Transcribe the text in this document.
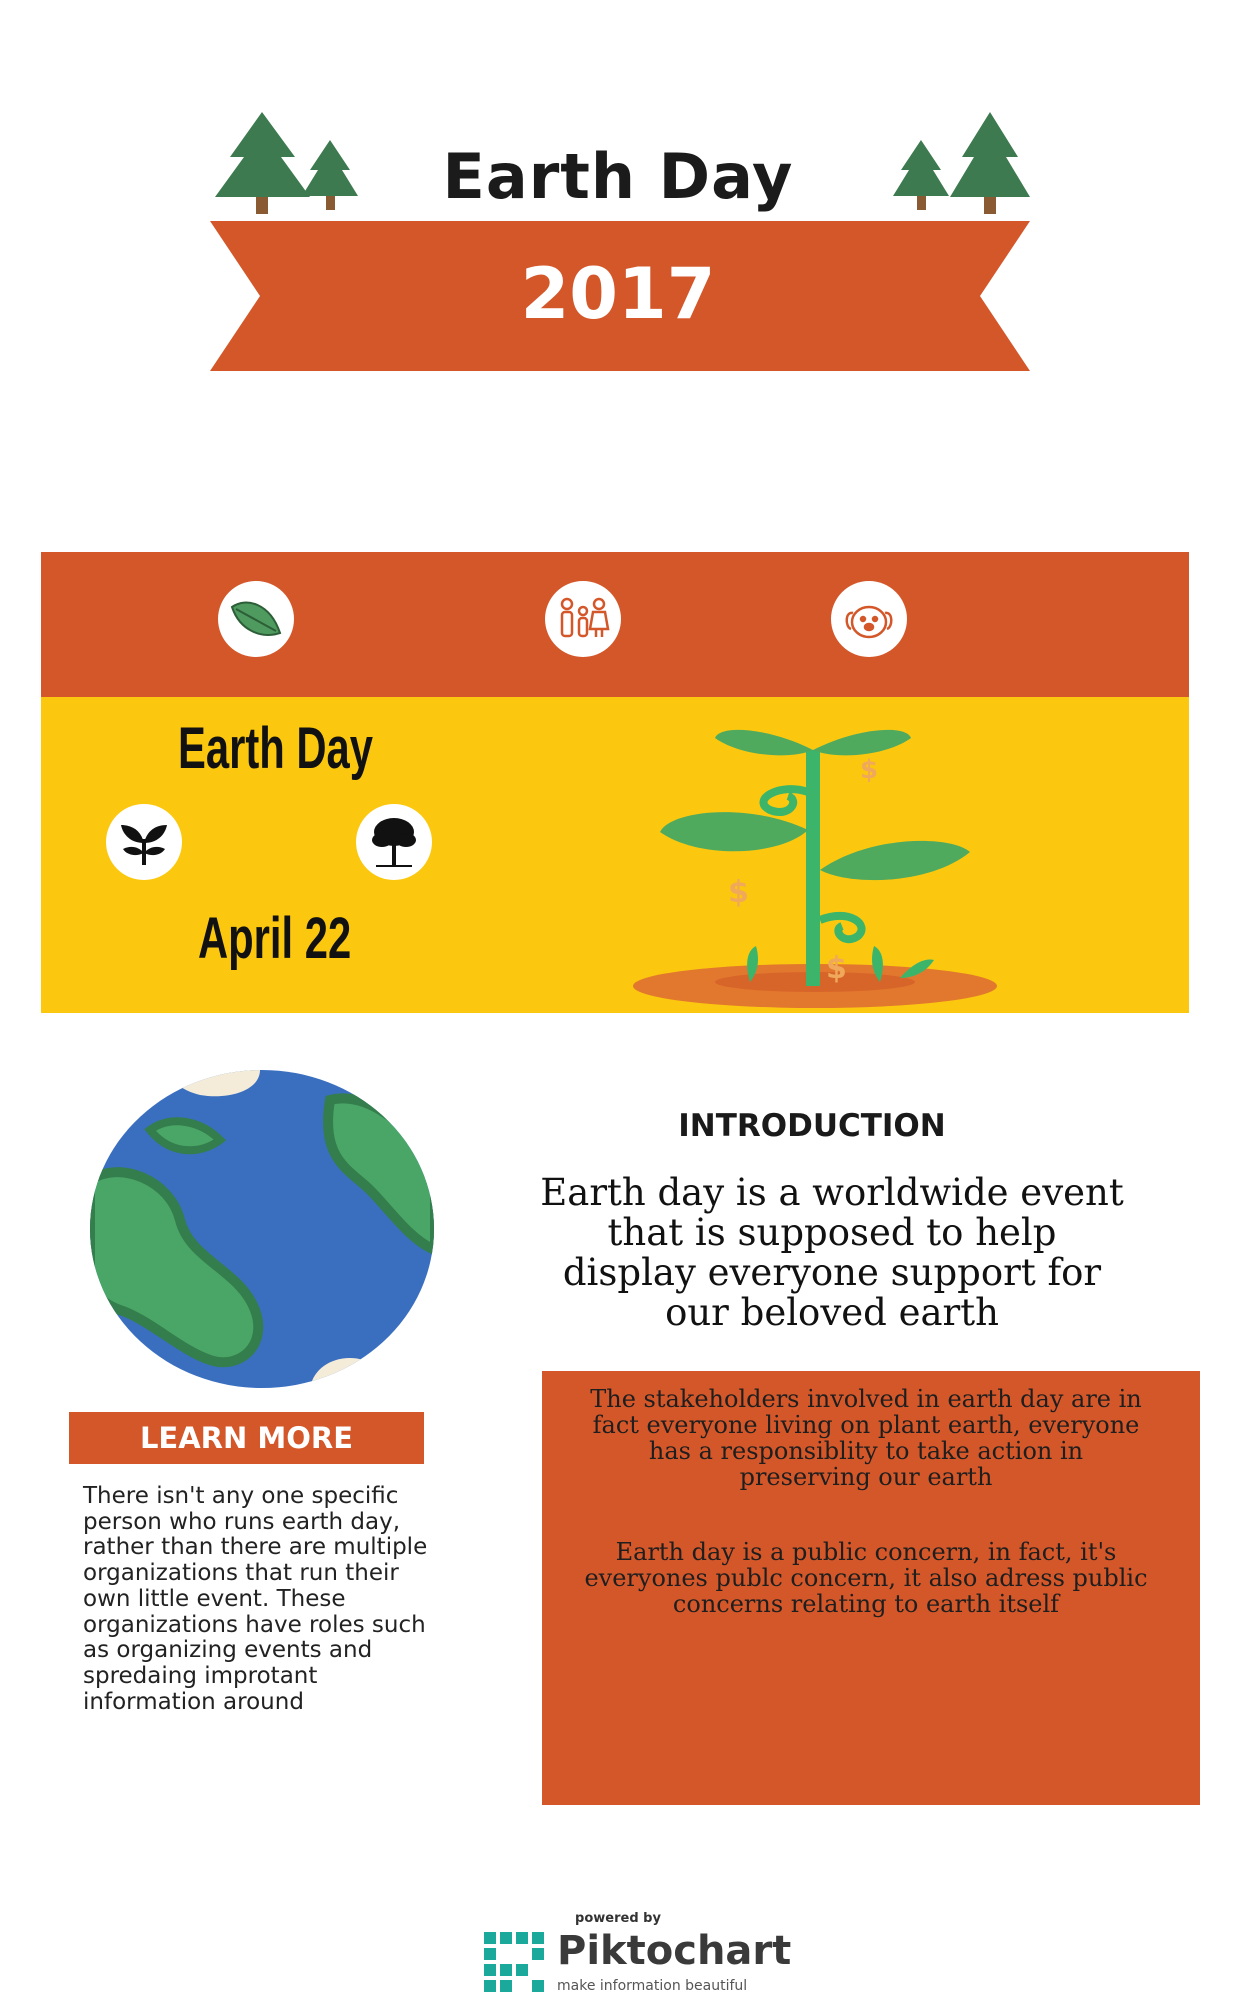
Earth Day
2017
Earth Day
April 22
$
$
$
INTRODUCTION
Earth day is a worldwide event that is supposed to help display everyone support for our beloved earth
The stakeholders involved in earth day are in fact everyone living on plant earth, everyone has a responsiblity to take action in preserving our earth
Earth day is a public concern, in fact, it's everyones publc concern, it also adress public concerns relating to earth itself
LEARN MORE
There isn't any one specific person who runs earth day, rather than there are multiple organizations that run their own little event. These organizations have roles such as organizing events and spredaing improtant information around
powered by
Piktochart
make information beautiful
